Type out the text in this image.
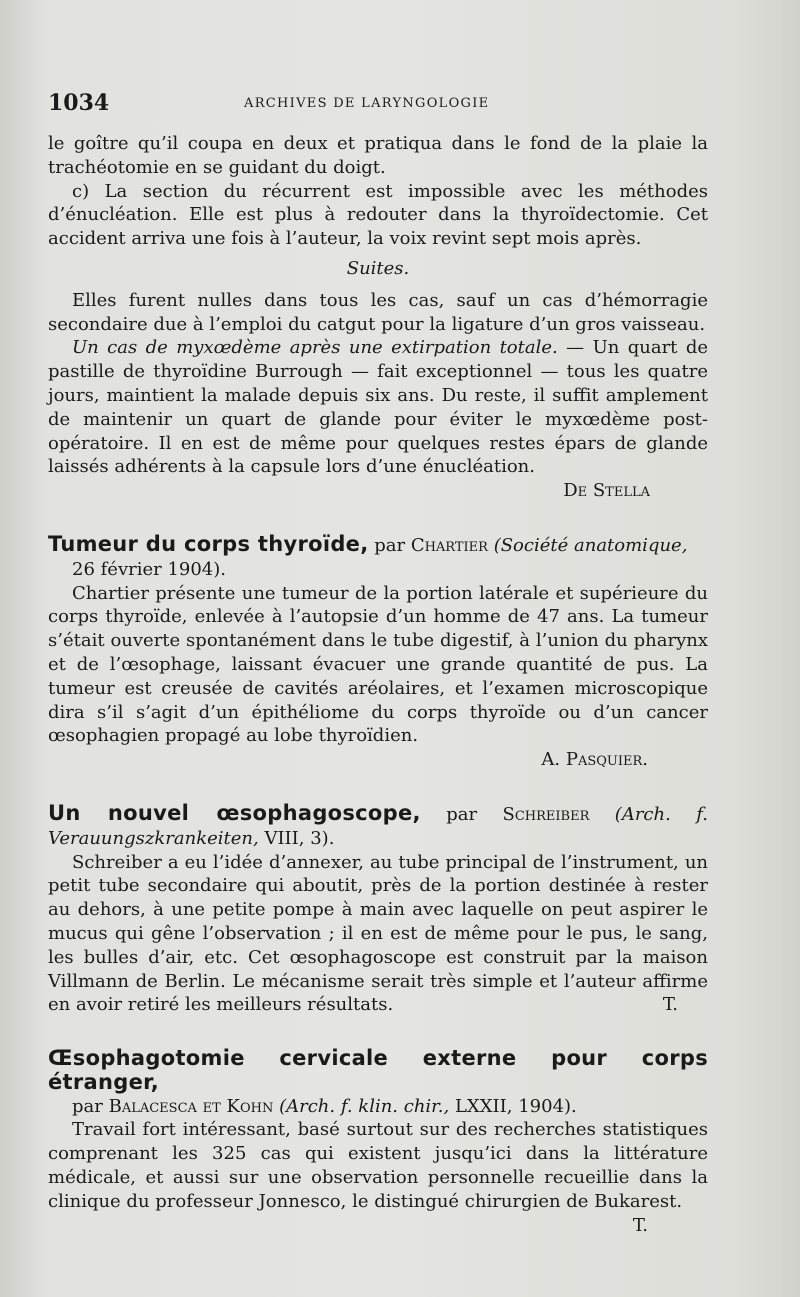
1034	ARCHIVES DE LARYNGOLOGIE

le goître qu’il coupa en deux et pratiqua dans le fond de la plaie la trachéotomie en se guidant du doigt.

c) La section du récurrent est impossible avec les méthodes d’énucléation. Elle est plus à redouter dans la thyroïdectomie. Cet accident arriva une fois à l’auteur, la voix revint sept mois après.

Suites.

Elles furent nulles dans tous les cas, sauf un cas d’hémorragie secondaire due à l’emploi du catgut pour la ligature d’un gros vaisseau.

Un cas de myxœdème après une extirpation totale. — Un quart de pastille de thyroïdine Burrough — fait exceptionnel — tous les quatre jours, maintient la malade depuis six ans. Du reste, il suffit amplement de maintenir un quart de glande pour éviter le myxœdème post-opératoire. Il en est de même pour quelques restes épars de glande laissés adhérents à la capsule lors d’une énucléation.

De Stella

Tumeur du corps thyroïde, par Chartier (Société anatomique,

26 février 1904).

Chartier présente une tumeur de la portion latérale et supérieure du corps thyroïde, enlevée à l’autopsie d’un homme de 47 ans. La tumeur s’était ouverte spontanément dans le tube digestif, à l’union du pharynx et de l’œsophage, laissant évacuer une grande quantité de pus. La tumeur est creusée de cavités aréolaires, et l’examen microscopique dira s’il s’agit d’un épithéliome du corps thyroïde ou d’un cancer œsophagien propagé au lobe thyroïdien.

A. Pasquier.

Un nouvel œsophagoscope, par Schreiber (Arch. f. Verauungszkrankeiten, VIII, 3).

Schreiber a eu l’idée d’annexer, au tube principal de l’instrument, un petit tube secondaire qui aboutit, près de la portion destinée à rester au dehors, à une petite pompe à main avec laquelle on peut aspirer le mucus qui gêne l’observation ; il en est de même pour le pus, le sang, les bulles d’air, etc. Cet œsophagoscope est construit par la maison Villmann de Berlin. Le mécanisme serait très simple et l’auteur affirme en avoir retiré les meilleurs résultats.	T.

Œsophagotomie cervicale externe pour corps étranger,

par Balacesca et Kohn (Arch. f. klin. chir., LXXII, 1904).

Travail fort intéressant, basé surtout sur des recherches statistiques comprenant les 325 cas qui existent jusqu’ici dans la littérature médicale, et aussi sur une observation personnelle recueillie dans la clinique du professeur Jonnesco, le distingué chirurgien de Bukarest.
T.
